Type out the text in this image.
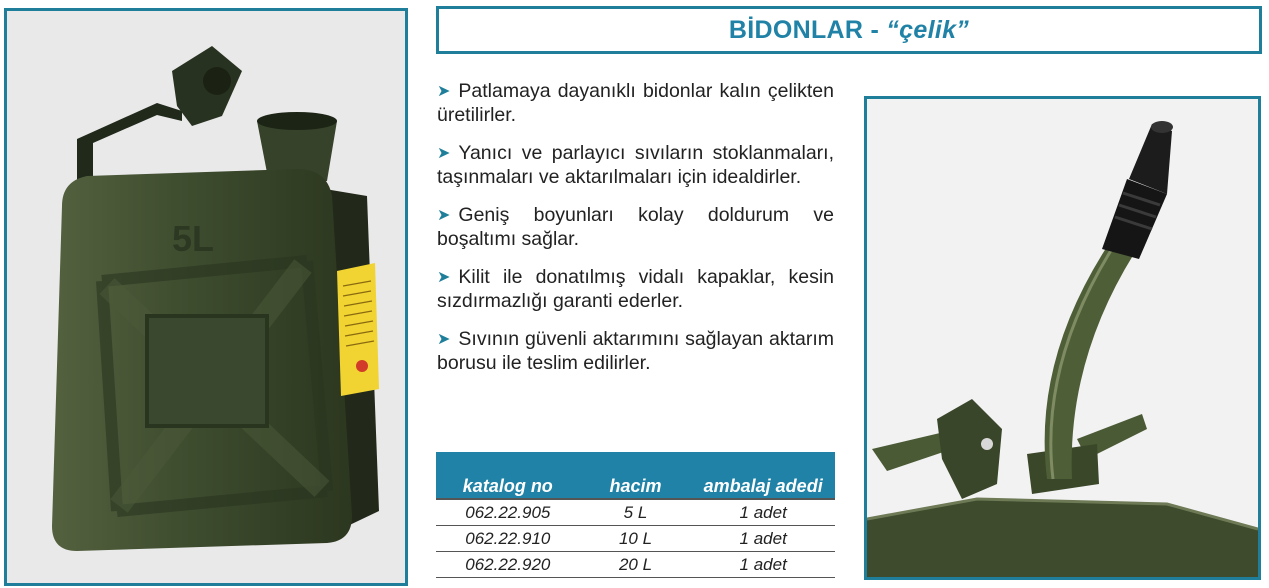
5L
BİDONLAR - “çelik”

➤ Patlamaya dayanıklı bidonlar kalın çelikten üretilirler.

➤ Yanıcı ve parlayıcı sıvıların stoklanmaları, taşınmaları ve aktarılmaları için idealdirler.

➤ Geniş boyunları kolay doldurum ve boşaltımı sağlar.

➤ Kilit ile donatılmış vidalı kapaklar, kesin sızdırmazlığı garanti ederler.

➤ Sıvının güvenli aktarımını sağlayan aktarım borusu ile teslim edilirler.

katalog no	hacim	ambalaj adedi
062.22.905	5 L	1 adet
062.22.910	10 L	1 adet
062.22.920	20 L	1 adet
